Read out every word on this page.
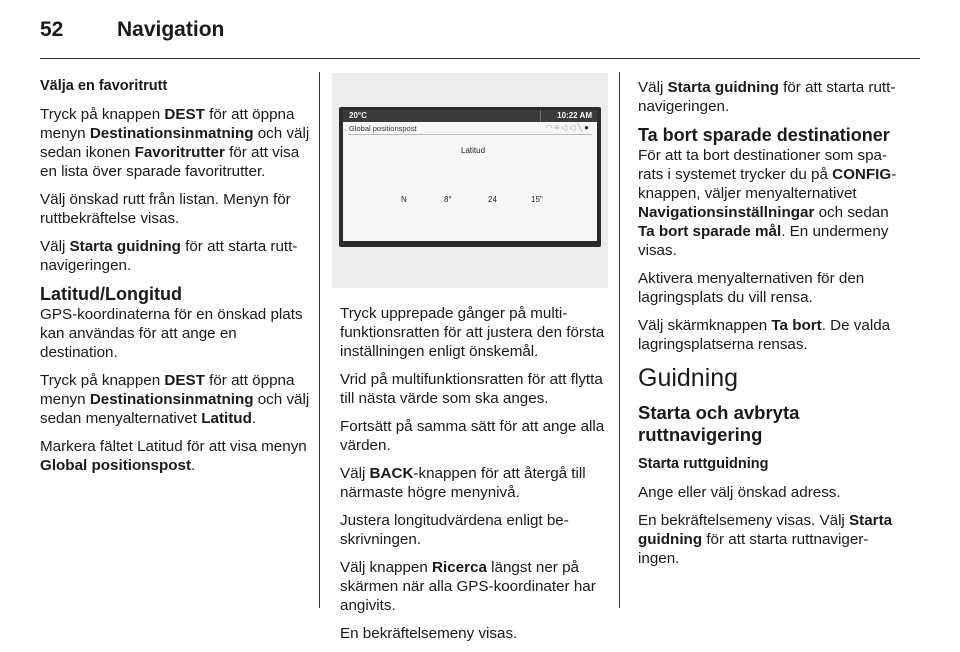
52	Navigation

Välja en favoritrutt

Tryck på knappen DEST för att öppna menyn Destinationsinmatning och välj sedan ikonen Favoritrutter för att visa en lista över sparade favoritrutter.

Välj önskad rutt från listan. Menyn för ruttbekräftelse visas.

Välj Starta guidning för att starta ruttnavigeringen.

Latitud/Longitud

GPS-koordinaterna för en önskad plats kan användas för att ange en destination.

Tryck på knappen DEST för att öppna menyn Destinationsinmatning och välj sedan menyalternativet Latitud.

Markera fältet Latitud för att visa menyn Global positionspost.

20°C	10:22 AM
Global positionspost	◠≡◁◁╲●
Latitud
N	8°	24	15"

Tryck upprepade gånger på multifunktionsratten för att justera den första inställningen enligt önskemål.

Vrid på multifunktionsratten för att flytta till nästa värde som ska anges.

Fortsätt på samma sätt för att ange alla värden.

Välj BACK-knappen för att återgå till närmaste högre menynivå.

Justera longitudvärdena enligt beskrivningen.

Välj knappen Ricerca längst ner på skärmen när alla GPS-koordinater har angivits.

En bekräftelsemeny visas.

Välj Starta guidning för att starta ruttnavigeringen.

Ta bort sparade destinationer

För att ta bort destinationer som sparats i systemet trycker du på CONFIG-knappen, väljer menyalternativet Navigationsinställningar och sedan Ta bort sparade mål. En undermeny visas.

Aktivera menyalternativen för den lagringsplats du vill rensa.

Välj skärmknappen Ta bort. De valda lagringsplatserna rensas.

Guidning

Starta och avbryta ruttnavigering

Starta ruttguidning

Ange eller välj önskad adress.

En bekräftelsemeny visas. Välj Starta guidning för att starta ruttnavigeringen.
